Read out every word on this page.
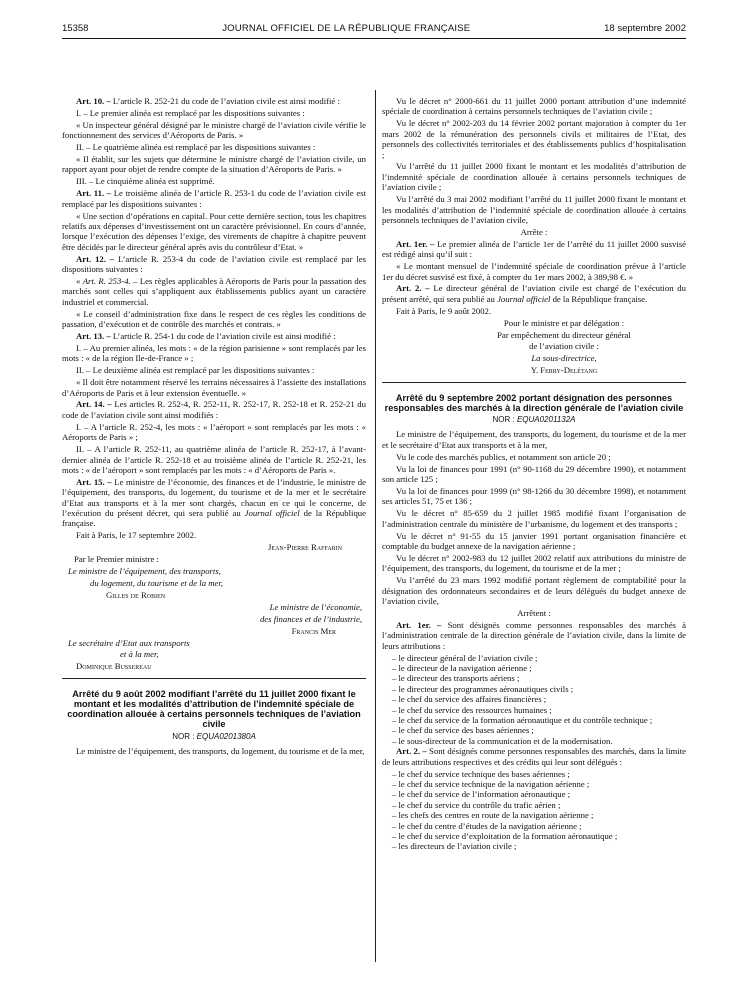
15358	JOURNAL OFFICIEL DE LA RÉPUBLIQUE FRANÇAISE	18 septembre 2002

Art. 10. – L’article R. 252-21 du code de l’aviation civile est ainsi modifié :

I. – Le premier alinéa est remplacé par les dispositions suivantes :

« Un inspecteur général désigné par le ministre chargé de l’aviation civile vérifie le fonctionnement des services d’Aéroports de Paris. »

II. – Le quatrième alinéa est remplacé par les dispositions suivantes :

« Il établit, sur les sujets que détermine le ministre chargé de l’aviation civile, un rapport ayant pour objet de rendre compte de la situation d’Aéroports de Paris. »

III. – Le cinquième alinéa est supprimé.

Art. 11. – Le troisième alinéa de l’article R. 253-1 du code de l’aviation civile est remplacé par les dispositions suivantes :

« Une section d’opérations en capital. Pour cette dernière section, tous les chapitres relatifs aux dépenses d’investissement ont un caractère prévisionnel. En cours d’année, lorsque l’exécution des dépenses l’exige, des virements de chapitre à chapitre peuvent être décidés par le directeur général après avis du contrôleur d’Etat. »

Art. 12. – L’article R. 253-4 du code de l’aviation civile est remplacé par les dispositions suivantes :

« Art. R. 253-4. – Les règles applicables à Aéroports de Paris pour la passation des marchés sont celles qui s’appliquent aux établissements publics ayant un caractère industriel et commercial.

« Le conseil d’administration fixe dans le respect de ces règles les conditions de passation, d’exécution et de contrôle des marchés et contrats. »

Art. 13. – L’article R. 254-1 du code de l’aviation civile est ainsi modifié :

I. – Au premier alinéa, les mots : « de la région parisienne » sont remplacés par les mots : « de la région Ile-de-France » ;

II. – Le deuxième alinéa est remplacé par les dispositions suivantes :

« Il doit être notamment réservé les terrains nécessaires à l’assiette des installations d’Aéroports de Paris et à leur extension éventuelle. »

Art. 14. – Les articles R. 252-4, R. 252-11, R. 252-17, R. 252-18 et R. 252-21 du code de l’aviation civile sont ainsi modifiés :

I. – A l’article R. 252-4, les mots : « l’aéroport » sont remplacés par les mots : « Aéroports de Paris » ;

II. – A l’article R. 252-11, au quatrième alinéa de l’article R. 252-17, à l’avant-dernier alinéa de l’article R. 252-18 et au troisième alinéa de l’article R. 252-21, les mots : « de l’aéroport » sont remplacés par les mots : « d’Aéroports de Paris ».

Art. 15. – Le ministre de l’économie, des finances et de l’industrie, le ministre de l’équipement, des transports, du logement, du tourisme et de la mer et le secrétaire d’Etat aux transports et à la mer sont chargés, chacun en ce qui le concerne, de l’exécution du présent décret, qui sera publié au Journal officiel de la République française.

Fait à Paris, le 17 septembre 2002.

Jean-Pierre Raffarin

Par le Premier ministre :

Le ministre de l’équipement, des transports,

du logement, du tourisme et de la mer,

Gilles de Robien

Le ministre de l’économie,

des finances et de l’industrie,

Francis Mer

Le secrétaire d’Etat aux transports

et à la mer,

Dominique Bussereau

Arrêté du 9 août 2002 modifiant l’arrêté du 11 juillet 2000 fixant le montant et les modalités d’attribution de l’indemnité spéciale de coordination allouée à certains personnels techniques de l’aviation civile
NOR : EQUA0201380A

Le ministre de l’équipement, des transports, du logement, du tourisme et de la mer,

Vu le décret n° 2000-661 du 11 juillet 2000 portant attribution d’une indemnité spéciale de coordination à certains personnels techniques de l’aviation civile ;

Vu le décret n° 2002-203 du 14 février 2002 portant majoration à compter du 1er mars 2002 de la rémunération des personnels civils et militaires de l’Etat, des personnels des collectivités territoriales et des établissements publics d’hospitalisation ;

Vu l’arrêté du 11 juillet 2000 fixant le montant et les modalités d’attribution de l’indemnité spéciale de coordination allouée à certains personnels techniques de l’aviation civile ;

Vu l’arrêté du 3 mai 2002 modifiant l’arrêté du 11 juillet 2000 fixant le montant et les modalités d’attribution de l’indemnité spéciale de coordination allouée à certains personnels techniques de l’aviation civile,

Arrête :

Art. 1er. – Le premier alinéa de l’article 1er de l’arrêté du 11 juillet 2000 susvisé est rédigé ainsi qu’il suit :

« Le montant mensuel de l’indemnité spéciale de coordination prévue à l’article 1er du décret susvisé est fixé, à compter du 1er mars 2002, à 389,98 €. »

Art. 2. – Le directeur général de l’aviation civile est chargé de l’exécution du présent arrêté, qui sera publié au Journal officiel de la République française.

Fait à Paris, le 9 août 2002.

Pour le ministre et par délégation :

Par empêchement du directeur général

de l’aviation civile :

La sous-directrice,

Y. Ferry-Delétang

Arrêté du 9 septembre 2002 portant désignation des personnes responsables des marchés à la direction générale de l’aviation civile
NOR : EQUA0201132A

Le ministre de l’équipement, des transports, du logement, du tourisme et de la mer et le secrétaire d’Etat aux transports et à la mer,

Vu le code des marchés publics, et notamment son article 20 ;

Vu la loi de finances pour 1991 (n° 90-1168 du 29 décembre 1990), et notamment son article 125 ;

Vu la loi de finances pour 1999 (n° 98-1266 du 30 décembre 1998), et notamment ses articles 51, 75 et 136 ;

Vu le décret n° 85-659 du 2 juillet 1985 modifié fixant l’organisation de l’administration centrale du ministère de l’urbanisme, du logement et des transports ;

Vu le décret n° 91-55 du 15 janvier 1991 portant organisation financière et comptable du budget annexe de la navigation aérienne ;

Vu le décret n° 2002-983 du 12 juillet 2002 relatif aux attributions du ministre de l’équipement, des transports, du logement, du tourisme et de la mer ;

Vu l’arrêté du 23 mars 1992 modifié portant règlement de comptabilité pour la désignation des ordonnateurs secondaires et de leurs délégués du budget annexe de l’aviation civile,

Arrêtent :

Art. 1er. – Sont désignés comme personnes responsables des marchés à l’administration centrale de la direction générale de l’aviation civile, dans la limite de leurs attributions :

– le directeur général de l’aviation civile ;
– le directeur de la navigation aérienne ;
– le directeur des transports aériens ;
– le directeur des programmes aéronautiques civils ;
– le chef du service des affaires financières ;
– le chef du service des ressources humaines ;
– le chef du service de la formation aéronautique et du contrôle technique ;
– le chef du service des bases aériennes ;
– le sous-directeur de la communication et de la modernisation.

Art. 2. – Sont désignés comme personnes responsables des marchés, dans la limite de leurs attributions respectives et des crédits qui leur sont délégués :

– le chef du service technique des bases aériennes ;
– le chef du service technique de la navigation aérienne ;
– le chef du service de l’information aéronautique ;
– le chef du service du contrôle du trafic aérien ;
– les chefs des centres en route de la navigation aérienne ;
– le chef du centre d’études de la navigation aérienne ;
– le chef du service d’exploitation de la formation aéronautique ;
– les directeurs de l’aviation civile ;
